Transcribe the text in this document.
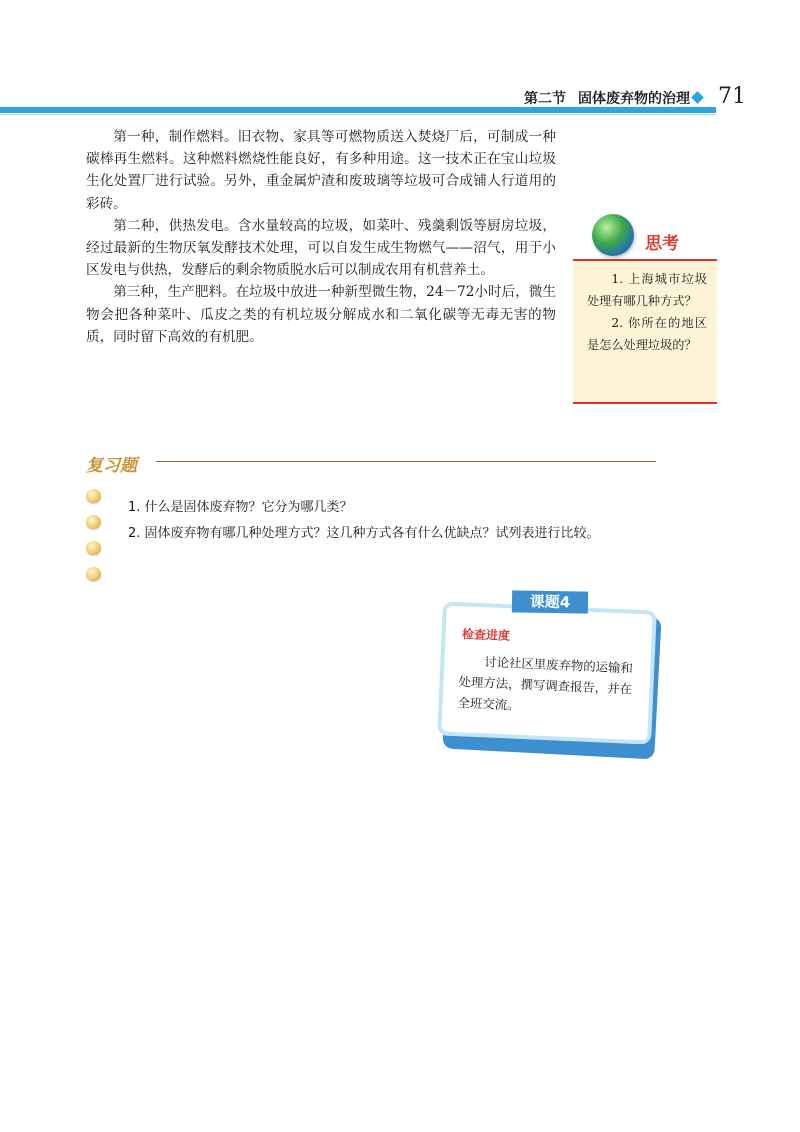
第二节 固体废弃物的治理 71

第一种，制作燃料。旧衣物、家具等可燃物质送入焚烧厂后，可制成一种碳棒再生燃料。这种燃料燃烧性能良好，有多种用途。这一技术正在宝山垃圾生化处置厂进行试验。另外，重金属炉渣和废玻璃等垃圾可合成铺人行道用的彩砖。

第二种，供热发电。含水量较高的垃圾，如菜叶、残羹剩饭等厨房垃圾，经过最新的生物厌氧发酵技术处理，可以自发生成生物燃气——沼气，用于小区发电与供热，发酵后的剩余物质脱水后可以制成农用有机营养土。

第三种，生产肥料。在垃圾中放进一种新型微生物，24－72小时后，微生物会把各种菜叶、瓜皮之类的有机垃圾分解成水和二氧化碳等无毒无害的物质，同时留下高效的有机肥。

思考

1. 上海城市垃圾处理有哪几种方式？

2. 你所在的地区是怎么处理垃圾的？

复习题
1. 什么是固体废弃物？它分为哪几类？
2. 固体废弃物有哪几种处理方式？这几种方式各有什么优缺点？试列表进行比较。
课题4
检查进度

讨论社区里废弃物的运输和处理方法，撰写调查报告，并在全班交流。
